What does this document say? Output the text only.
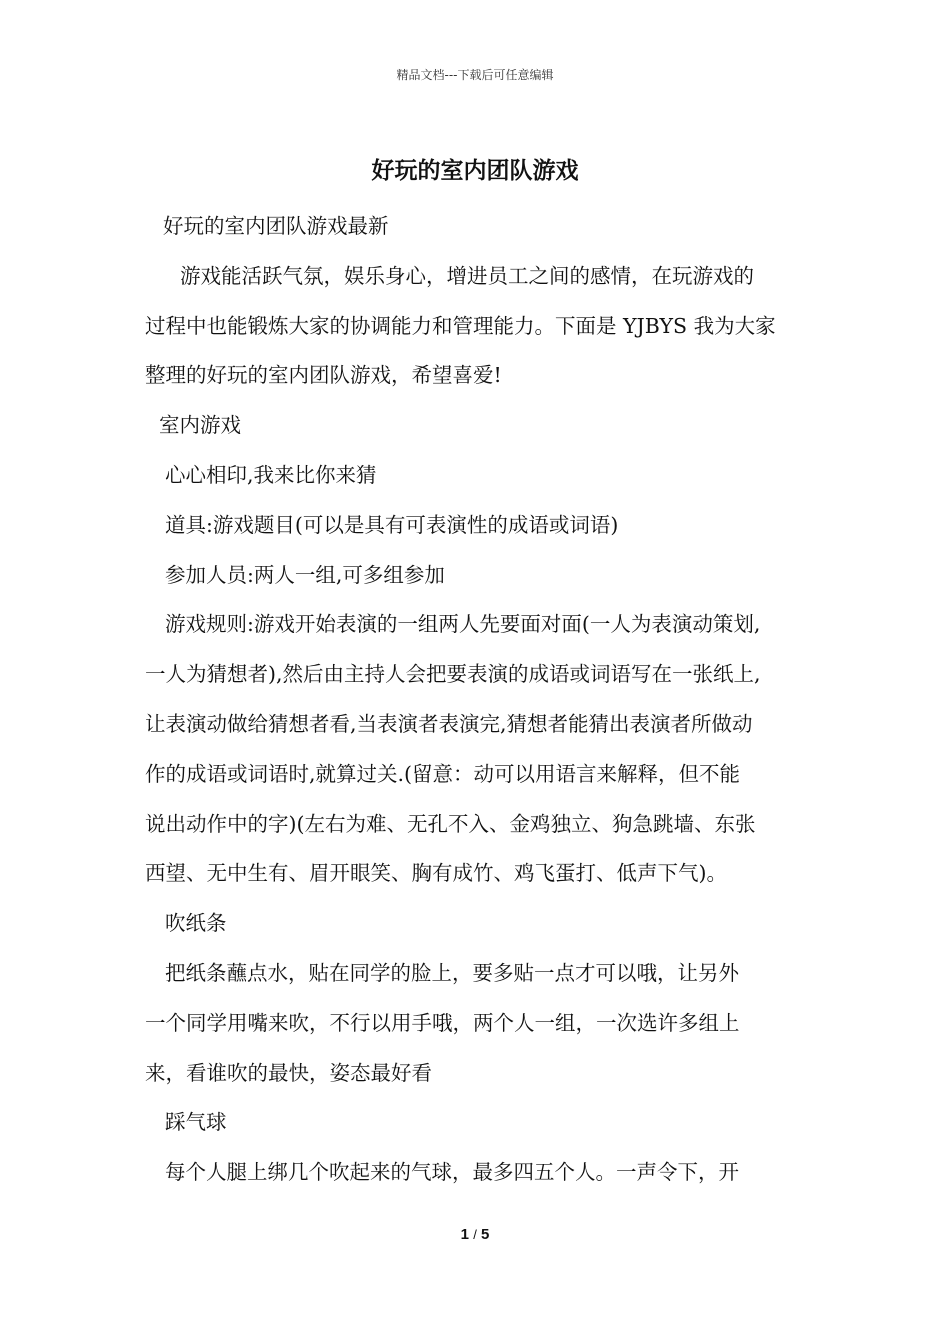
精品文档---下载后可任意编辑
好玩的室内团队游戏

好玩的室内团队游戏最新

游戏能活跃气氛，娱乐身心，增进员工之间的感情，在玩游戏的

过程中也能锻炼大家的协调能力和管理能力。下面是 YJBYS 我为大家

整理的好玩的室内团队游戏，希望喜爱!

室内游戏

心心相印,我来比你来猜

道具:游戏题目(可以是具有可表演性的成语或词语)

参加人员:两人一组,可多组参加

游戏规则:游戏开始表演的一组两人先要面对面(一人为表演动策划,

一人为猜想者),然后由主持人会把要表演的成语或词语写在一张纸上,

让表演动做给猜想者看,当表演者表演完,猜想者能猜出表演者所做动

作的成语或词语时,就算过关.(留意：动可以用语言来解释，但不能

说出动作中的字)(左右为难、无孔不入、金鸡独立、狗急跳墙、东张

西望、无中生有、眉开眼笑、胸有成竹、鸡飞蛋打、低声下气)。

吹纸条

把纸条蘸点水，贴在同学的脸上，要多贴一点才可以哦，让另外

一个同学用嘴来吹，不行以用手哦，两个人一组，一次选许多组上

来，看谁吹的最快，姿态最好看

踩气球

每个人腿上绑几个吹起来的气球，最多四五个人。一声令下，开

1 / 5
